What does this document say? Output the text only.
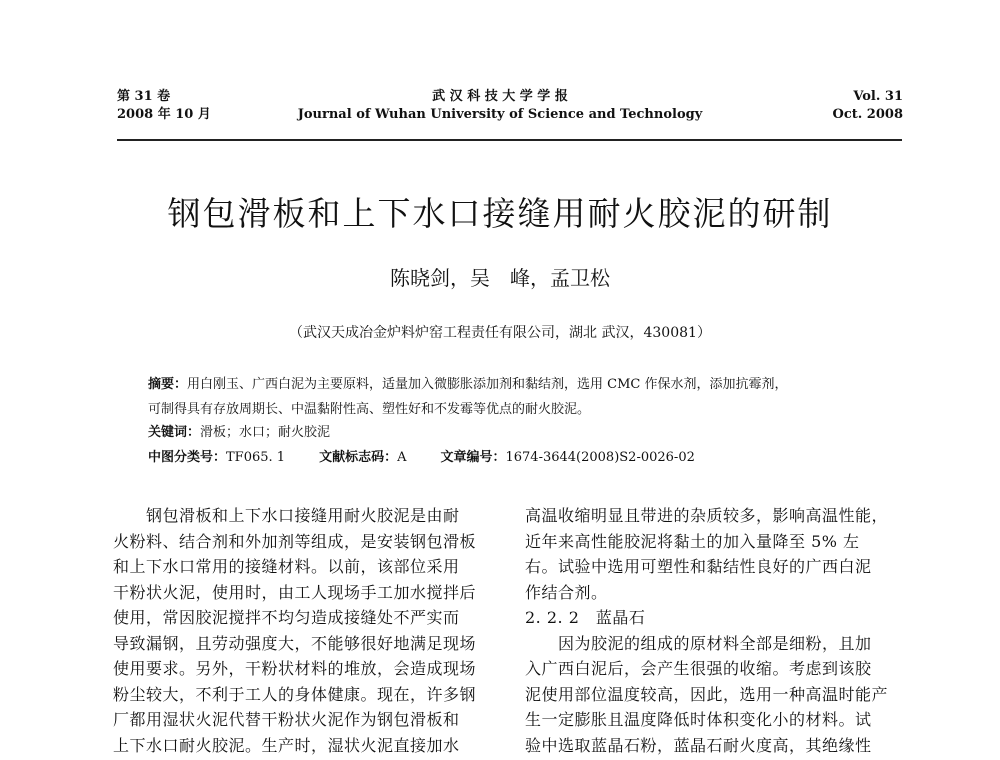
第 31 卷
2008 年 10 月
武 汉 科 技 大 学 学 报
Journal of Wuhan University of Science and Technology
Vol. 31
Oct. 2008
钢包滑板和上下水口接缝用耐火胶泥的研制
陈晓剑，吴　峰，孟卫松
（武汉天成冶金炉料炉窑工程责任有限公司，湖北 武汉，430081）
摘要：用白刚玉、广西白泥为主要原料，适量加入微膨胀添加剂和黏结剂，选用 CMC 作保水剂，添加抗霉剂，
可制得具有存放周期长、中温黏附性高、塑性好和不发霉等优点的耐火胶泥。
关键词：滑板；水口；耐火胶泥
中图分类号：TF065. 1	文献标志码：A	文章编号：1674-3644(2008)S2-0026-02

　　钢包滑板和上下水口接缝用耐火胶泥是由耐

火粉料、结合剂和外加剂等组成，是安装钢包滑板

和上下水口常用的接缝材料。以前，该部位采用

干粉状火泥，使用时，由工人现场手工加水搅拌后

使用，常因胶泥搅拌不均匀造成接缝处不严实而

导致漏钢，且劳动强度大，不能够很好地满足现场

使用要求。另外，干粉状材料的堆放，会造成现场

粉尘较大，不利于工人的身体健康。现在，许多钢

厂都用湿状火泥代替干粉状火泥作为钢包滑板和

上下水口耐火胶泥。生产时，湿状火泥直接加水

高温收缩明显且带进的杂质较多，影响高温性能，

近年来高性能胶泥将黏土的加入量降至 5% 左

右。试验中选用可塑性和黏结性良好的广西白泥

作结合剂。

2. 2. 2　蓝晶石

　　因为胶泥的组成的原材料全部是细粉，且加

入广西白泥后，会产生很强的收缩。考虑到该胶

泥使用部位温度较高，因此，选用一种高温时能产

生一定膨胀且温度降低时体积变化小的材料。试

验中选取蓝晶石粉，蓝晶石耐火度高，其绝缘性
